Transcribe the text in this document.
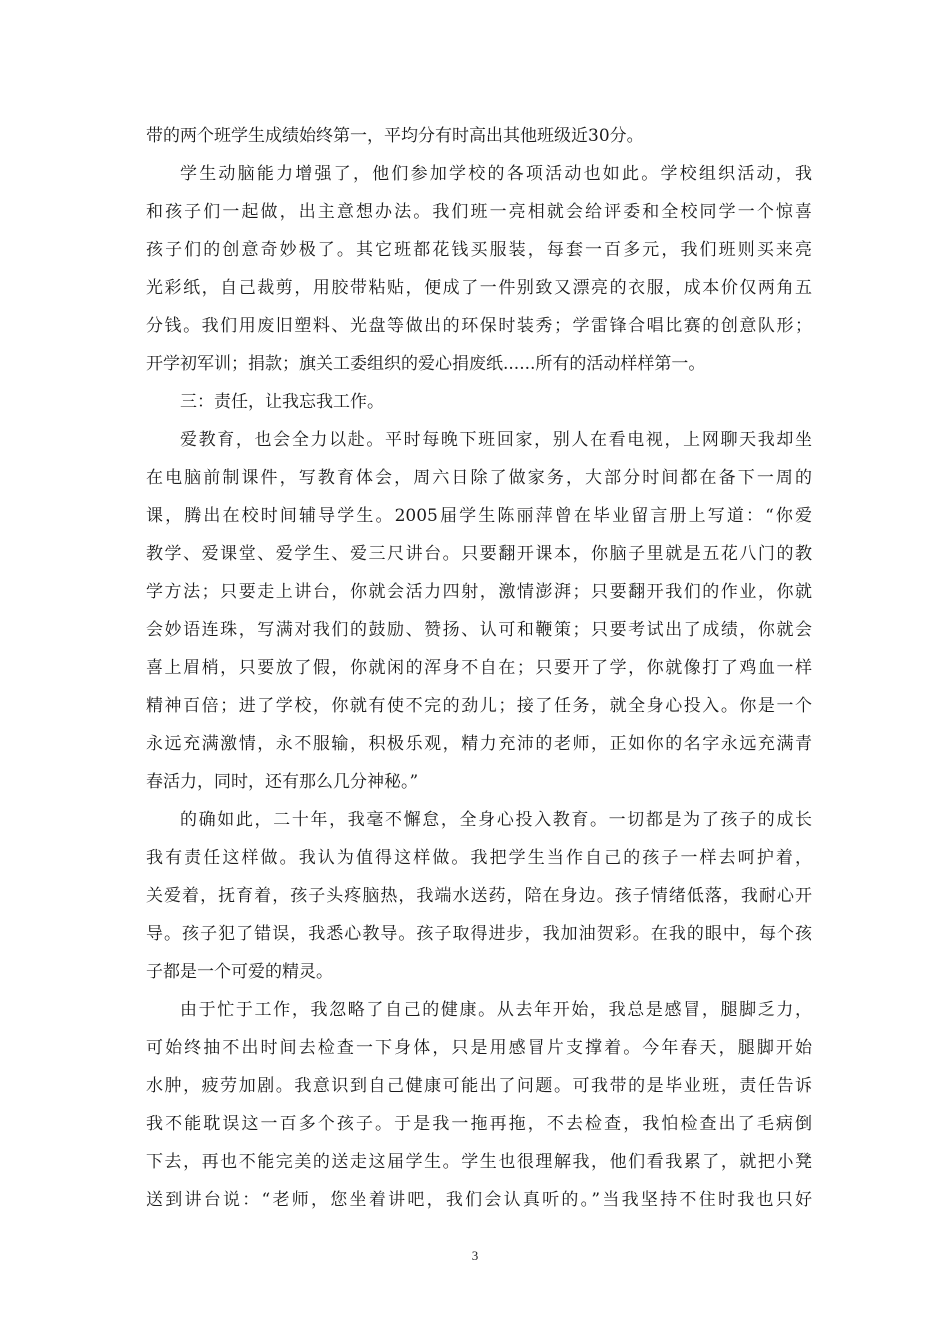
带的两个班学生成绩始终第一，平均分有时高出其他班级近30分。
学生动脑能力增强了，他们参加学校的各项活动也如此。学校组织活动，我
和孩子们一起做，出主意想办法。我们班一亮相就会给评委和全校同学一个惊喜
孩子们的创意奇妙极了。其它班都花钱买服装，每套一百多元，我们班则买来亮
光彩纸，自己裁剪，用胶带粘贴，便成了一件别致又漂亮的衣服，成本价仅两角五
分钱。我们用废旧塑料、光盘等做出的环保时装秀；学雷锋合唱比赛的创意队形；
开学初军训；捐款；旗关工委组织的爱心捐废纸......所有的活动样样第一。
三：责任，让我忘我工作。
爱教育，也会全力以赴。平时每晚下班回家，别人在看电视，上网聊天我却坐
在电脑前制课件，写教育体会，周六日除了做家务，大部分时间都在备下一周的
课，腾出在校时间辅导学生。2005届学生陈丽萍曾在毕业留言册上写道：“你爱
教学、爱课堂、爱学生、爱三尺讲台。只要翻开课本，你脑子里就是五花八门的教
学方法；只要走上讲台，你就会活力四射，激情澎湃；只要翻开我们的作业，你就
会妙语连珠，写满对我们的鼓励、赞扬、认可和鞭策；只要考试出了成绩，你就会
喜上眉梢，只要放了假，你就闲的浑身不自在；只要开了学，你就像打了鸡血一样
精神百倍；进了学校，你就有使不完的劲儿；接了任务，就全身心投入。你是一个
永远充满激情，永不服输，积极乐观，精力充沛的老师，正如你的名字永远充满青
春活力，同时，还有那么几分神秘。”
的确如此，二十年，我毫不懈怠，全身心投入教育。一切都是为了孩子的成长
我有责任这样做。我认为值得这样做。我把学生当作自己的孩子一样去呵护着，
关爱着，抚育着，孩子头疼脑热，我端水送药，陪在身边。孩子情绪低落，我耐心开
导。孩子犯了错误，我悉心教导。孩子取得进步，我加油贺彩。在我的眼中，每个孩
子都是一个可爱的精灵。
由于忙于工作，我忽略了自己的健康。从去年开始，我总是感冒，腿脚乏力，
可始终抽不出时间去检查一下身体，只是用感冒片支撑着。今年春天，腿脚开始
水肿，疲劳加剧。我意识到自己健康可能出了问题。可我带的是毕业班，责任告诉
我不能耽误这一百多个孩子。于是我一拖再拖，不去检查，我怕检查出了毛病倒
下去，再也不能完美的送走这届学生。学生也很理解我，他们看我累了，就把小凳
送到讲台说：“老师，您坐着讲吧，我们会认真听的。”当我坚持不住时我也只好
3
